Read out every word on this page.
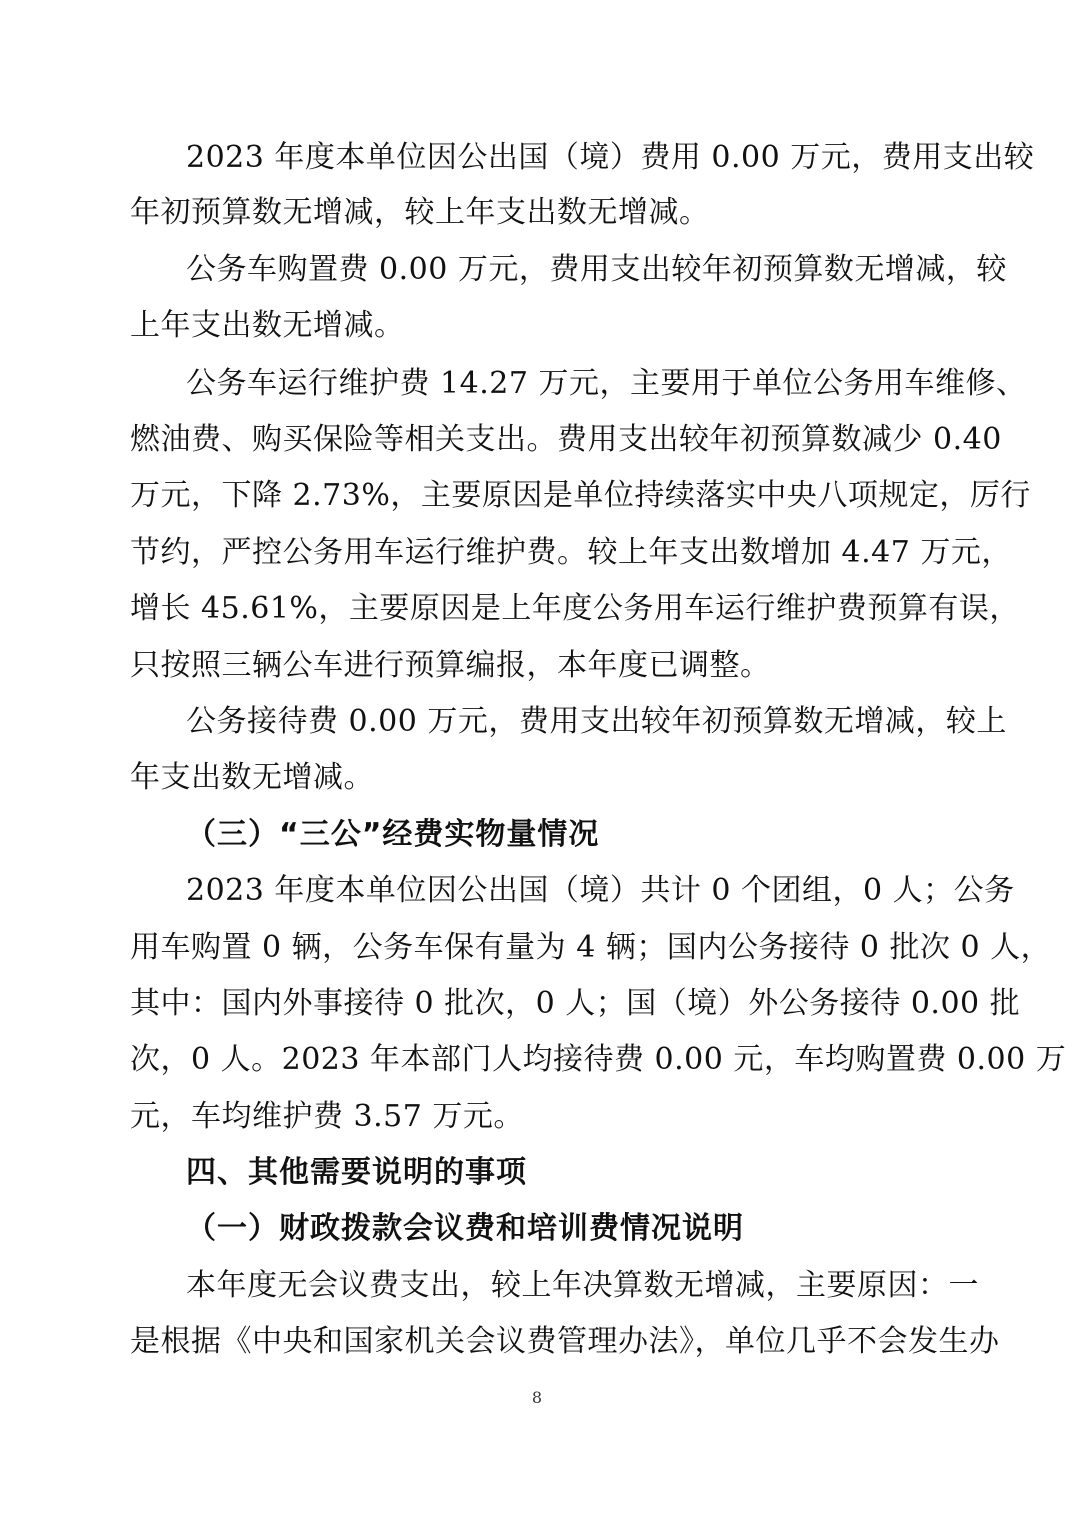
2023 年度本单位因公出国（境）费用 0.00 万元，费用支出较
年初预算数无增减，较上年支出数无增减。
公务车购置费 0.00 万元，费用支出较年初预算数无增减，较
上年支出数无增减。
公务车运行维护费 14.27 万元，主要用于单位公务用车维修、
燃油费、购买保险等相关支出。费用支出较年初预算数减少 0.40
万元，下降 2.73%，主要原因是单位持续落实中央八项规定，厉行
节约，严控公务用车运行维护费。较上年支出数增加 4.47 万元，
增长 45.61%，主要原因是上年度公务用车运行维护费预算有误，
只按照三辆公车进行预算编报，本年度已调整。
公务接待费 0.00 万元，费用支出较年初预算数无增减，较上
年支出数无增减。
（三）“三公”经费实物量情况
2023 年度本单位因公出国（境）共计 0 个团组，0 人；公务
用车购置 0 辆，公务车保有量为 4 辆；国内公务接待 0 批次 0 人，
其中：国内外事接待 0 批次，0 人；国（境）外公务接待 0.00 批
次，0 人。2023 年本部门人均接待费 0.00 元，车均购置费 0.00 万
元，车均维护费 3.57 万元。
四、其他需要说明的事项
（一）财政拨款会议费和培训费情况说明
本年度无会议费支出，较上年决算数无增减，主要原因：一
是根据《中央和国家机关会议费管理办法》，单位几乎不会发生办
8
